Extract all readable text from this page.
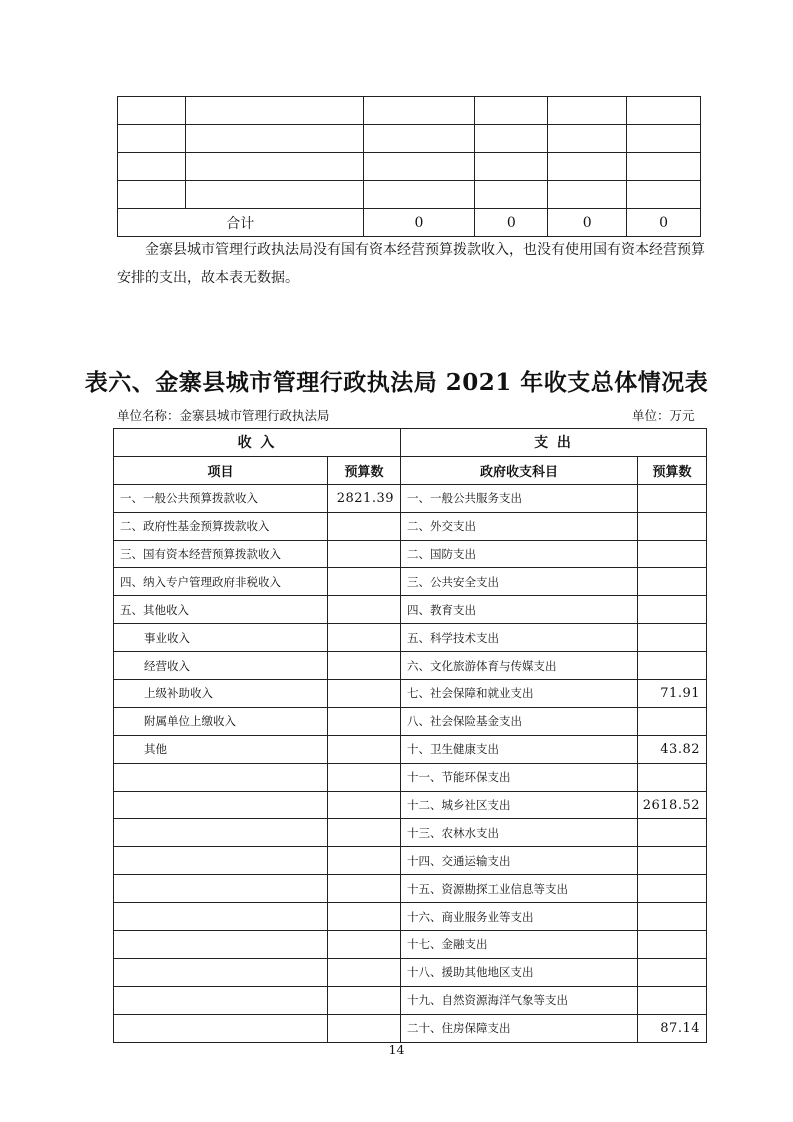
合计		0	0	0	0
金寨县城市管理行政执法局没有国有资本经营预算拨款收入，也没有使用国有资本经营预算安排的支出，故本表无数据。
表六、金寨县城市管理行政执法局 2021 年收支总体情况表
单位名称：金寨县城市管理行政执法局	单位：万元
收 入		支 出	
项目	预算数	政府收支科目	预算数
一、一般公共预算拨款收入	2821.39	一、一般公共服务支出	
二、政府性基金预算拨款收入		二、外交支出	
三、国有资本经营预算拨款收入		二、国防支出	
四、纳入专户管理政府非税收入		三、公共安全支出	
五、其他收入		四、教育支出	
事业收入		五、科学技术支出	
经营收入		六、文化旅游体育与传媒支出	
上级补助收入		七、社会保障和就业支出	71.91
附属单位上缴收入		八、社会保险基金支出	
其他		十、卫生健康支出	43.82
		十一、节能环保支出	
		十二、城乡社区支出	2618.52
		十三、农林水支出	
		十四、交通运输支出	
		十五、资源勘探工业信息等支出	
		十六、商业服务业等支出	
		十七、金融支出	
		十八、援助其他地区支出	
		十九、自然资源海洋气象等支出	
		二十、住房保障支出	87.14
14
